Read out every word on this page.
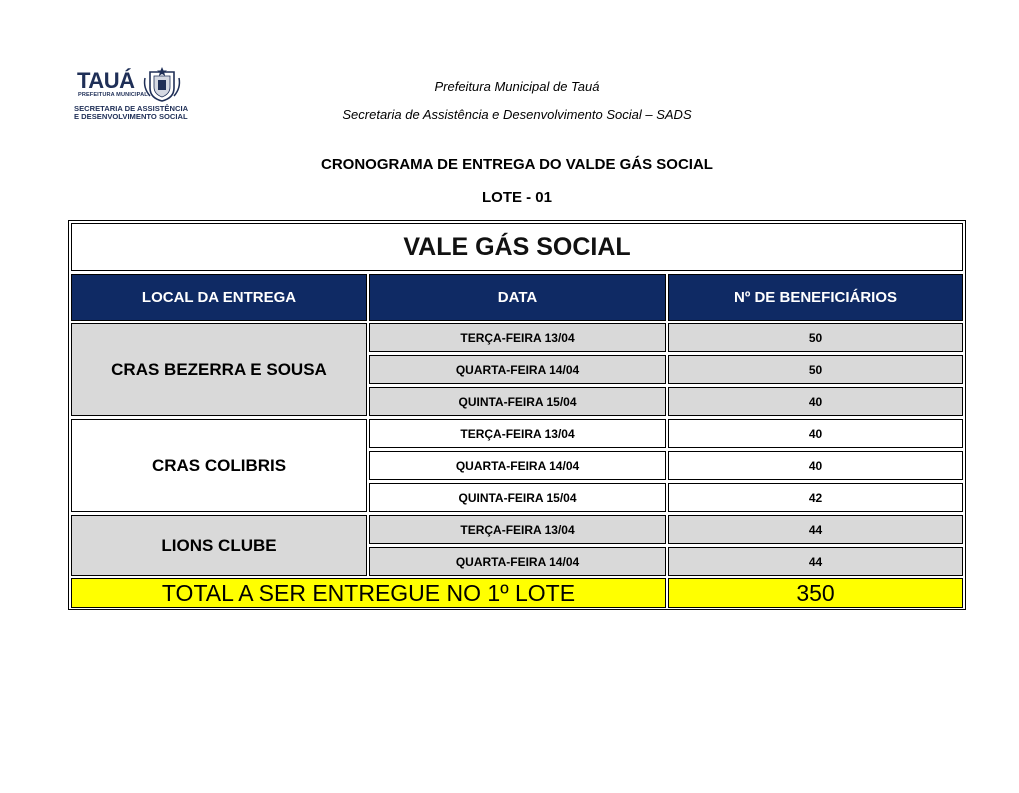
TAUÁ
PREFEITURA MUNICIPAL
SECRETARIA DE ASSISTÊNCIA
E DESENVOLVIMENTO SOCIAL
Prefeitura Municipal de Tauá
Secretaria de Assistência e Desenvolvimento Social – SADS
CRONOGRAMA DE ENTREGA DO VALDE GÁS SOCIAL
LOTE - 01
VALE GÁS SOCIAL
LOCAL DA ENTREGA	DATA	Nº DE BENEFICIÁRIOS
CRAS BEZERRA E SOUSA
TERÇA-FEIRA 13/04	50
QUARTA-FEIRA 14/04	50
QUINTA-FEIRA 15/04	40
CRAS COLIBRIS
TERÇA-FEIRA 13/04	40
QUARTA-FEIRA 14/04	40
QUINTA-FEIRA 15/04	42
LIONS CLUBE
TERÇA-FEIRA 13/04	44
QUARTA-FEIRA 14/04	44
TOTAL A SER ENTREGUE NO 1º LOTE	350
